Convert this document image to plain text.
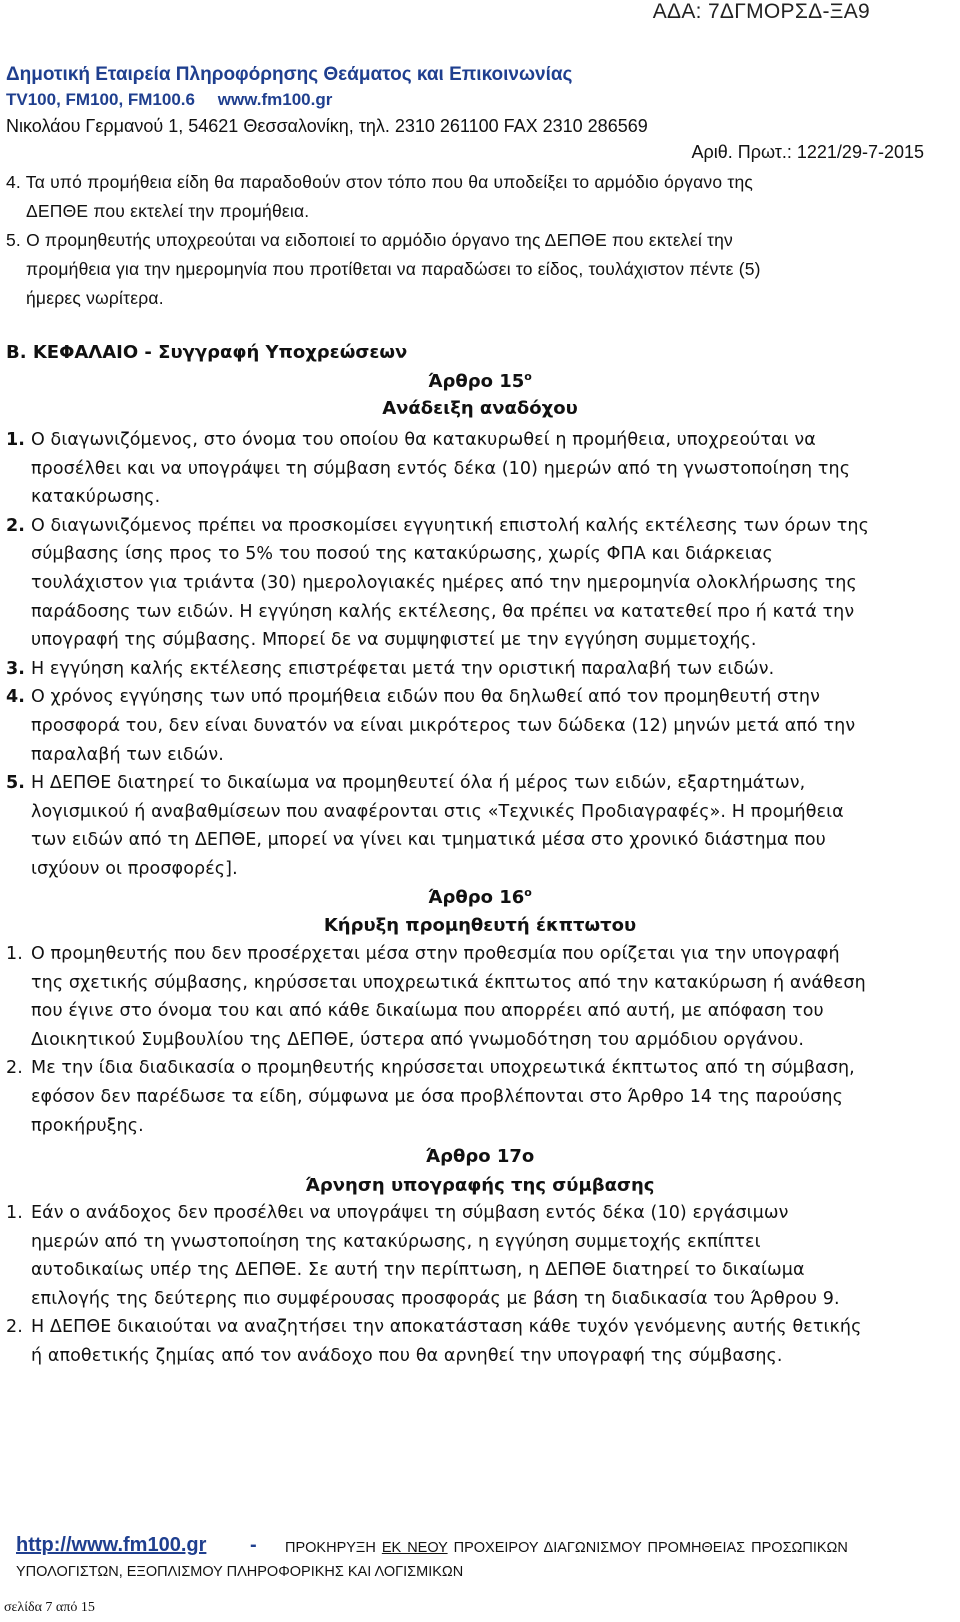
ΑΔΑ: 7ΔΓΜΟΡΣΔ-ΞΑ9
Δημοτική Εταιρεία Πληροφόρησης Θεάματος και Επικοινωνίας
TV100, FM100, FM100.6 www.fm100.gr
Νικολάου Γερμανού 1, 54621 Θεσσαλονίκη, τηλ. 2310 261100 FAX 2310 286569
Αριθ. Πρωτ.: 1221/29-7-2015
4. Τα υπό προμήθεια είδη θα παραδοθούν στον τόπο που θα υποδείξει το αρμόδιο όργανο της
ΔΕΠΘΕ που εκτελεί την προμήθεια.
5. Ο προμηθευτής υποχρεούται να ειδοποιεί το αρμόδιο όργανο της ΔΕΠΘΕ που εκτελεί την
προμήθεια για την ημερομηνία που προτίθεται να παραδώσει το είδος, τουλάχιστον πέντε (5)
ήμερες νωρίτερα.
Β. ΚΕΦΑΛΑΙΟ - Συγγραφή Υποχρεώσεων
Άρθρο $15^o$
Ανάδειξη αναδόχου
1. Ο διαγωνιζόμενος, στο όνομα του οποίου θα κατακυρωθεί η προμήθεια, υποχρεούται να
προσέλθει και να υπογράψει τη σύμβαση εντός δέκα (10) ημερών από τη γνωστοποίηση της
κατακύρωσης.
2. Ο διαγωνιζόμενος πρέπει να προσκομίσει εγγυητική επιστολή καλής εκτέλεσης των όρων της
σύμβασης ίσης προς το 5% του ποσού της κατακύρωσης, χωρίς ΦΠΑ και διάρκειας
τουλάχιστον για τριάντα (30) ημερολογιακές ημέρες από την ημερομηνία ολοκλήρωσης της
παράδοσης των ειδών. Η εγγύηση καλής εκτέλεσης, θα πρέπει να κατατεθεί προ ή κατά την
υπογραφή της σύμβασης. Μπορεί δε να συμψηφιστεί με την εγγύηση συμμετοχής.
3. Η εγγύηση καλής εκτέλεσης επιστρέφεται μετά την οριστική παραλαβή των ειδών.
4. Ο χρόνος εγγύησης των υπό προμήθεια ειδών που θα δηλωθεί από τον προμηθευτή στην
προσφορά του, δεν είναι δυνατόν να είναι μικρότερος των δώδεκα (12) μηνών μετά από την
παραλαβή των ειδών.
5. Η ΔΕΠΘΕ διατηρεί το δικαίωμα να προμηθευτεί όλα ή μέρος των ειδών, εξαρτημάτων,
λογισμικού ή αναβαθμίσεων που αναφέρονται στις «Τεχνικές Προδιαγραφές». Η προμήθεια
των ειδών από τη ΔΕΠΘΕ, μπορεί να γίνει και τμηματικά μέσα στο χρονικό διάστημα που
ισχύουν οι προσφορές].
Άρθρο $16^o$
Κήρυξη προμηθευτή έκπτωτου
1. Ο προμηθευτής που δεν προσέρχεται μέσα στην προθεσμία που ορίζεται για την υπογραφή
της σχετικής σύμβασης, κηρύσσεται υποχρεωτικά έκπτωτος από την κατακύρωση ή ανάθεση
που έγινε στο όνομα του και από κάθε δικαίωμα που απορρέει από αυτή, με απόφαση του
Διοικητικού Συμβουλίου της ΔΕΠΘΕ, ύστερα από γνωμοδότηση του αρμόδιου οργάνου.
2. Με την ίδια διαδικασία ο προμηθευτής κηρύσσεται υποχρεωτικά έκπτωτος από τη σύμβαση,
εφόσον δεν παρέδωσε τα είδη, σύμφωνα με όσα προβλέπονται στο Άρθρο 14 της παρούσης
προκήρυξης.
Άρθρο 17ο
Άρνηση υπογραφής της σύμβασης
1. Εάν ο ανάδοχος δεν προσέλθει να υπογράψει τη σύμβαση εντός δέκα (10) εργάσιμων
ημερών από τη γνωστοποίηση της κατακύρωσης, η εγγύηση συμμετοχής εκπίπτει
αυτοδικαίως υπέρ της ΔΕΠΘΕ. Σε αυτή την περίπτωση, η ΔΕΠΘΕ διατηρεί το δικαίωμα
επιλογής της δεύτερης πιο συμφέρουσας προσφοράς με βάση τη διαδικασία του Άρθρου 9.
2. Η ΔΕΠΘΕ δικαιούται να αναζητήσει την αποκατάσταση κάθε τυχόν γενόμενης αυτής θετικής
ή αποθετικής ζημίας από τον ανάδοχο που θα αρνηθεί την υπογραφή της σύμβασης.
http://www.fm100.gr - ΠΡΟΚΗΡΥΞΗ ΕΚ ΝΕΟΥ ΠΡΟΧΕΙΡΟΥ ΔΙΑΓΩΝΙΣΜΟΥ ΠΡΟΜΗΘΕΙΑΣ ΠΡΟΣΩΠΙΚΩΝ
ΥΠΟΛΟΓΙΣΤΩΝ, ΕΞΟΠΛΙΣΜΟΥ ΠΛΗΡΟΦΟΡΙΚΗΣ ΚΑΙ ΛΟΓΙΣΜΙΚΩΝ
σελίδα 7 από 15
